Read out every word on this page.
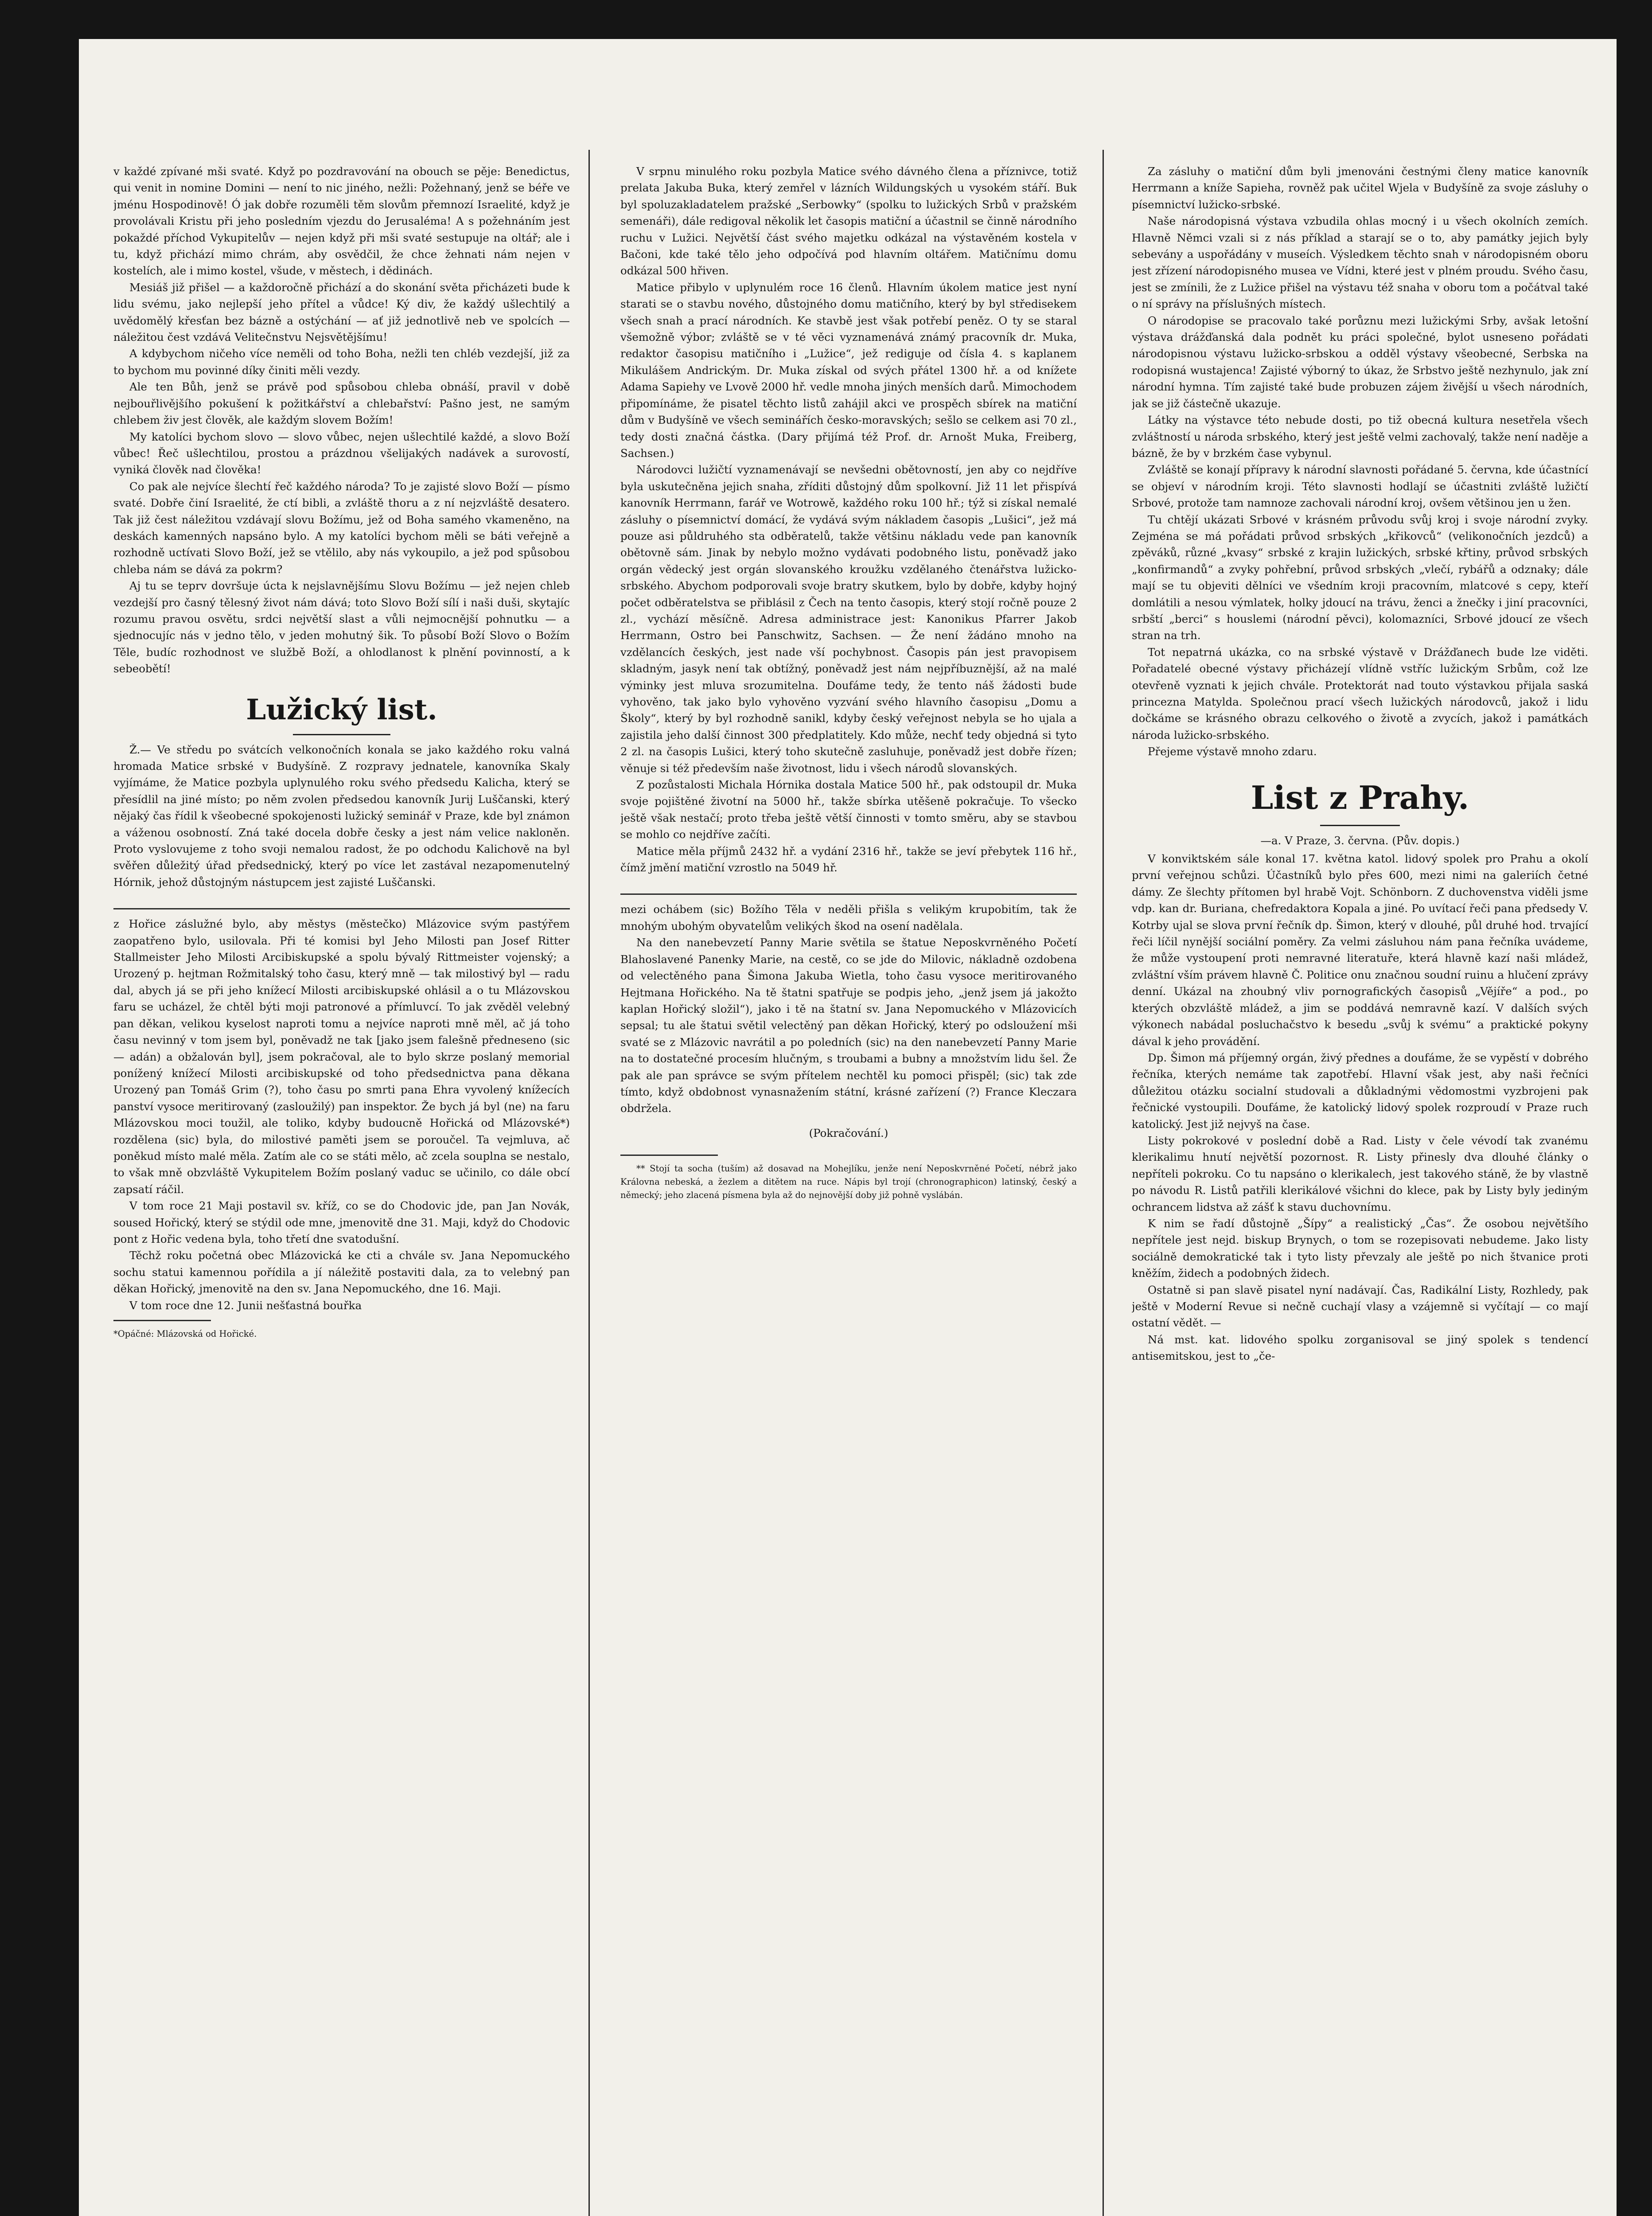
v každé zpívané mši svaté. Když po pozdravování na obouch se pěje: Benedictus, qui venit in nomine Domini — není to nic jiného, nežli: Požehnaný, jenž se béře ve jménu Hospodinově! Ó jak dobře rozuměli těm slovům přemnozí Israelité, když je provolávali Kristu při jeho posledním vjezdu do Jerusaléma! A s požehnáním jest pokaždé příchod Vykupitelův — nejen když při mši svaté sestupuje na oltář; ale i tu, když přichází mimo chrám, aby osvědčil, že chce žehnati nám nejen v kostelích, ale i mimo kostel, všude, v městech, i dědinách.

Mesiáš již přišel — a každoročně přichází a do skonání světa přicházeti bude k lidu svému, jako nejlepší jeho přítel a vůdce! Ký div, že každý ušlechtilý a uvědomělý křesťan bez bázně a ostýchání — ať již jednotlivě neb ve spolcích — náležitou čest vzdává Velitečnstvu Nejsvětějšímu!

A kdybychom ničeho více neměli od toho Boha, nežli ten chléb vezdejší, již za to bychom mu povinné díky činiti měli vezdy.

Ale ten Bůh, jenž se právě pod spůsobou chleba obnáší, pravil v době nejbouřlivějšího pokušení k požitkářství a chlebařství: Pašno jest, ne samým chlebem živ jest člověk, ale každým slovem Božím!

My katolíci bychom slovo — slovo vůbec, nejen ušlechtilé každé, a slovo Boží vůbec! Řeč ušlechtilou, prostou a prázdnou všelijakých nadávek a surovostí, vyniká člověk nad člověka!

Co pak ale nejvíce šlechtí řeč každého národa? To je zajisté slovo Boží — písmo svaté. Dobře činí Israelité, že ctí bibli, a zvláště thoru a z ní nejzvláště desatero. Tak již čest náležitou vzdávají slovu Božímu, jež od Boha samého vkameněno, na deskách kamenných napsáno bylo. A my katolíci bychom měli se báti veřejně a rozhodně uctívati Slovo Boží, jež se vtělilo, aby nás vykoupilo, a jež pod spůsobou chleba nám se dává za pokrm?

Aj tu se teprv dovršuje úcta k nejslavnějšímu Slovu Božímu — jež nejen chleb vezdejší pro časný tělesný život nám dává; toto Slovo Boží sílí i naši duši, skytajíc rozumu pravou osvětu, srdci největší slast a vůli nejmocnější pohnutku — a sjednocujíc nás v jedno tělo, v jeden mohutný šik. To působí Boží Slovo o Božím Těle, budíc rozhodnost ve službě Boží, a ohlodlanost k plnění povinností, a k sebeobětí!

Lužický list.

Ž.— Ve středu po svátcích velkonočních konala se jako každého roku valná hromada Matice srbské v Budyšíně. Z rozpravy jednatele, kanovníka Skaly vyjímáme, že Matice pozbyla uplynulého roku svého předsedu Kalicha, který se přesídlil na jiné místo; po něm zvolen předsedou kanovník Jurij Luščanski, který nějaký čas řídil k všeobecné spokojenosti lužický seminář v Praze, kde byl známon a váženou osobností. Zná také docela dobře česky a jest nám velice nakloněn. Proto vyslovujeme z toho svoji nemalou radost, že po odchodu Kalichově na byl svěřen důležitý úřad předsednický, který po více let zastával nezapomenutelný Hórnik, jehož důstojným nástupcem jest zajisté Luščanski.

z Hořice záslužné bylo, aby městys (městečko) Mlázovice svým pastýřem zaopatřeno bylo, usilovala. Při té komisi byl Jeho Milosti pan Josef Ritter Stallmeister Jeho Milosti Arcibiskupské a spolu bývalý Rittmeister vojenský; a Urozený p. hejtman Rožmitalský toho času, který mně — tak milostivý byl — radu dal, abych já se při jeho knížecí Milosti arcibiskupské ohlásil a o tu Mlázovskou faru se ucházel, že chtěl býti moji patronové a přímluvcí. To jak zvěděl velebný pan děkan, velikou kyselost naproti tomu a nejvíce naproti mně měl, ač já toho času nevinný v tom jsem byl, poněvadž ne tak [jako jsem falešně předneseno (sic — adán) a obžalován byl], jsem pokračoval, ale to bylo skrze poslaný memorial ponížený knížecí Milosti arcibiskupské od toho předsednictva pana děkana Urozený pan Tomáš Grim (?), toho času po smrti pana Ehra vyvolený knížecích panství vysoce meritirovaný (zasloužilý) pan inspektor. Že bych já byl (ne) na faru Mlázovskou moci toužil, ale toliko, kdyby budoucně Hořická od Mlázovské*) rozdělena (sic) byla, do milostivé paměti jsem se poroučel. Ta vejmluva, ač poněkud místo malé měla. Zatím ale co se státi mělo, ač zcela souplna se nestalo, to však mně obzvláště Vykupitelem Božím poslaný vaduc se učinilo, co dále obcí zapsatí ráčil.

V tom roce 21 Maji postavil sv. kříž, co se do Chodovic jde, pan Jan Novák, soused Hořický, který se stýdil ode mne, jmenovitě dne 31. Maji, když do Chodovic pont z Hořic vedena byla, toho třetí dne svatodušní.

Těchž roku početná obec Mlázovická ke cti a chvále sv. Jana Nepomuckého sochu statui kamennou pořídila a jí náležitě postaviti dala, za to velebný pan děkan Hořický, jmenovitě na den sv. Jana Nepomuckého, dne 16. Maji.

V tom roce dne 12. Junii nešťastná bouřka

*Opáčné: Mlázovská od Hořické.

V srpnu minulého roku pozbyla Matice svého dávného člena a příznivce, totiž prelata Jakuba Buka, který zemřel v lázních Wildungských u vysokém stáří. Buk byl spoluzakladatelem pražské „Serbowky“ (spolku to lužických Srbů v pražském semenáři), dále redigoval několik let časopis matiční a účastnil se činně národního ruchu v Lužici. Největší část svého majetku odkázal na výstavěném kostela v Bačoni, kde také tělo jeho odpočívá pod hlavním oltářem. Matičnímu domu odkázal 500 hřiven.

Matice přibylo v uplynulém roce 16 členů. Hlavním úkolem matice jest nyní starati se o stavbu nového, důstojného domu matičního, který by byl středisekem všech snah a prací národních. Ke stavbě jest však potřebí peněz. O ty se staral všemožně výbor; zvláště se v té věci vyznamenává známý pracovník dr. Muka, redaktor časopisu matičního i „Lužice“, jež rediguje od čísla 4. s kaplanem Mikulášem Andrickým. Dr. Muka získal od svých přátel 1300 hř. a od knížete Adama Sapiehy ve Lvově 2000 hř. vedle mnoha jiných menších darů. Mimochodem připomínáme, že pisatel těchto listů zahájil akci ve prospěch sbírek na matiční dům v Budyšíně ve všech seminářích česko-moravských; sešlo se celkem asi 70 zl., tedy dosti značná částka. (Dary přijímá též Prof. dr. Arnošt Muka, Freiberg, Sachsen.)

Národovci lužičtí vyznamenávají se nevšedni obětovností, jen aby co nejdříve byla uskutečněna jejich snaha, zříditi důstojný dům spolkovní. Již 11 let přispívá kanovník Herrmann, farář ve Wotrowě, každého roku 100 hř.; týž si získal nemalé zásluhy o písemnictví domácí, že vydává svým nákladem časopis „Lušici“, jež má pouze asi půldruhého sta odběratelů, takže většinu nákladu vede pan kanovník obětovně sám. Jinak by nebylo možno vydávati podobného listu, poněvadž jako orgán vědecký jest orgán slovanského kroužku vzdělaného čtenářstva lužicko-srbského. Abychom podporovali svoje bratry skutkem, bylo by dobře, kdyby hojný počet odběratelstva se přiblásil z Čech na tento časopis, který stojí ročně pouze 2 zl., vychází měsíčně. Adresa administrace jest: Kanonikus Pfarrer Jakob Herrmann, Ostro bei Panschwitz, Sachsen. — Že není žádáno mnoho na vzdělancích českých, jest nade vší pochybnost. Časopis pán jest pravopisem skladným, jasyk není tak obtížný, poněvadž jest nám nejpříbuznější, až na malé výminky jest mluva srozumitelna. Doufáme tedy, že tento náš žádosti bude vyhověno, tak jako bylo vyhověno vyzvání svého hlavního časopisu „Domu a Školy“, který by byl rozhodně sanikl, kdyby český veřejnost nebyla se ho ujala a zajistila jeho další činnost 300 předplatitely. Kdo může, nechť tedy objedná si tyto 2 zl. na časopis Lušici, který toho skutečně zasluhuje, poněvadž jest dobře řízen; věnuje si též především naše životnost, lidu i všech národů slovanských.

Z pozůstalosti Michala Hórnika dostala Matice 500 hř., pak odstoupil dr. Muka svoje pojištěné životní na 5000 hř., takže sbírka utěšeně pokračuje. To všecko ještě však nestačí; proto třeba ještě větší činnosti v tomto směru, aby se stavbou se mohlo co nejdříve začíti.

Matice měla příjmů 2432 hř. a vydání 2316 hř., takže se jeví přebytek 116 hř., čímž jmění matiční vzrostlo na 5049 hř.

mezi ochábem (sic) Božího Těla v neděli přišla s velikým krupobitím, tak že mnohým ubohým obyvatelům velikých škod na osení nadělala.

Na den nanebevzetí Panny Marie světila se štatue Neposkvrněného Početí Blahoslavené Panenky Marie, na cestě, co se jde do Milovic, nákladně ozdobena od velectěného pana Šimona Jakuba Wietla, toho času vysoce meritirovaného Hejtmana Hořického. Na tě štatni spatřuje se podpis jeho, „jenž jsem já jakožto kaplan Hořický složil“), jako i tě na štatní sv. Jana Nepomuckého v Mlázovicích sepsal; tu ale štatui světil velectěný pan děkan Hořický, který po odsloužení mši svaté se z Mlázovic navrátil a po poledních (sic) na den nanebevzetí Panny Marie na to dostatečné procesím hlučným, s troubami a bubny a množstvím lidu šel. Že pak ale pan správce se svým přítelem nechtěl ku pomoci přispěl; (sic) tak zde tímto, když obdobnost vynasnažením státní, krásné zařízení (?) France Kleczara obdržela.

(Pokračování.)

** Stojí ta socha (tuším) až dosavad na Mohejlíku, jenže není Neposkvrněné Početí, nébrž jako Královna nebeská, a žezlem a ditětem na ruce. Nápis byl trojí (chronographicon) latinský, český a německý; jeho zlacená písmena byla až do nejnovější doby již pohně vyslábán.

Za zásluhy o matiční dům byli jmenováni čestnými členy matice kanovník Herrmann a kníže Sapieha, rovněž pak učitel Wjela v Budyšíně za svoje zásluhy o písemnictví lužicko-srbské.

Naše národopisná výstava vzbudila ohlas mocný i u všech okolních zemích. Hlavně Němci vzali si z nás příklad a starají se o to, aby památky jejich byly sebevány a uspořádány v museích. Výsledkem těchto snah v národopisném oboru jest zřízení národopisného musea ve Vídni, které jest v plném proudu. Svého času, jest se zmínili, že z Lužice přišel na výstavu též snaha v oboru tom a počátval také o ní správy na příslušných místech.

O národopise se pracovalo také porůznu mezi lužickými Srby, avšak letošní výstava drážďanská dala podnět ku práci společné, bylot usneseno pořádati národopisnou výstavu lužicko-srbskou a odděl výstavy všeobecné, Serbska na rodopisná wustajenca! Zajisté výborný to úkaz, že Srbstvo ještě nezhynulo, jak zní národní hymna. Tím zajisté také bude probuzen zájem živější u všech národních, jak se již částečně ukazuje.

Látky na výstavce této nebude dosti, po tiž obecná kultura nesetřela všech zvláštností u národa srbského, který jest ještě velmi zachovalý, takže není naděje a bázně, že by v brzkém čase vybynul.

Zvláště se konají přípravy k národní slavnosti pořádané 5. června, kde účastnící se objeví v národním kroji. Této slavnosti hodlají se účastniti zvláště lužičtí Srbové, protože tam namnoze zachovali národní kroj, ovšem většinou jen u žen.

Tu chtějí ukázati Srbové v krásném průvodu svůj kroj i svoje národní zvyky. Zejména se má pořádati průvod srbských „křikovců“ (velikonočních jezdců) a zpěváků, různé „kvasy“ srbské z krajin lužických, srbské křtiny, průvod srbských „konfirmandů“ a zvyky pohřební, průvod srbských „vlečí, rybářů a odznaky; dále mají se tu objeviti dělníci ve všedním kroji pracovním, mlatcové s cepy, kteří domlátili a nesou výmlatek, holky jdoucí na trávu, ženci a žnečky i jiní pracovníci, srbští „berci“ s houslemi (národní pěvci), kolomazníci, Srbové jdoucí ze všech stran na trh.

Tot nepatrná ukázka, co na srbské výstavě v Drážďanech bude lze viděti. Pořadatelé obecné výstavy přicházejí vlídně vstříc lužickým Srbům, což lze otevřeně vyznati k jejich chvále. Protektorát nad touto výstavkou přijala saská princezna Matylda. Společnou prací všech lužických národovců, jakož i lidu dočkáme se krásného obrazu celkového o životě a zvycích, jakož i památkách národa lužicko-srbského.

Přejeme výstavě mnoho zdaru.

List z Prahy.

—a. V Praze, 3. června. (Pův. dopis.)

V konviktském sále konal 17. května katol. lidový spolek pro Prahu a okolí první veřejnou schůzi. Účastníků bylo přes 600, mezi nimi na galeriích četné dámy. Ze šlechty přítomen byl hrabě Vojt. Schönborn. Z duchovenstva viděli jsme vdp. kan dr. Buriana, chefredaktora Kopala a jiné. Po uvítací řeči pana předsedy V. Kotrby ujal se slova první řečník dp. Šimon, který v dlouhé, půl druhé hod. trvající řeči líčil nynější sociální poměry. Za velmi zásluhou nám pana řečníka uvádeme, že může vystoupení proti nemravné literatuře, která hlavně kazí naši mládež, zvláštní vším právem hlavně Č. Politice onu značnou soudní ruinu a hlučení zprávy denní. Ukázal na zhoubný vliv pornografických časopisů „Vějíře“ a pod., po kterých obzvláště mládež, a jim se poddává nemravně kazí. V dalších svých výkonech nabádal posluchačstvo k besedu „svůj k svému“ a praktické pokyny dával k jeho provádění.

Dp. Šimon má příjemný orgán, živý přednes a doufáme, že se vypěstí v dobrého řečníka, kterých nemáme tak zapotřebí. Hlavní však jest, aby naši řečníci důležitou otázku socialní studovali a důkladnými vědomostmi vyzbrojeni pak řečnické vystoupili. Doufáme, že katolický lidový spolek rozproudí v Praze ruch katolický. Jest již nejvyš na čase.

Listy pokrokové v poslední době a Rad. Listy v čele vévodí tak zvanému klerikalimu hnutí největší pozornost. R. Listy přinesly dva dlouhé články o nepříteli pokroku. Co tu napsáno o klerikalech, jest takového stáně, že by vlastně po návodu R. Listů patřili klerikálové všichni do klece, pak by Listy byly jediným ochrancem lidstva až zášť k stavu duchovnímu.

K nim se řadí důstojně „Šípy“ a realistický „Čas“. Že osobou největšího nepřítele jest nejd. biskup Brynych, o tom se rozepisovati nebudeme. Jako listy sociálně demokratické tak i tyto listy převzaly ale ještě po nich štvanice proti kněžím, židech a podobných židech.

Ostatně si pan slavě pisatel nyní nadávají. Čas, Radikální Listy, Rozhledy, pak ještě v Moderní Revue si nečně cuchají vlasy a vzájemně si vyčítají — co mají ostatní vědět. —

Ná mst. kat. lidového spolku zorganisoval se jiný spolek s tendencí antisemitskou, jest to „če-
